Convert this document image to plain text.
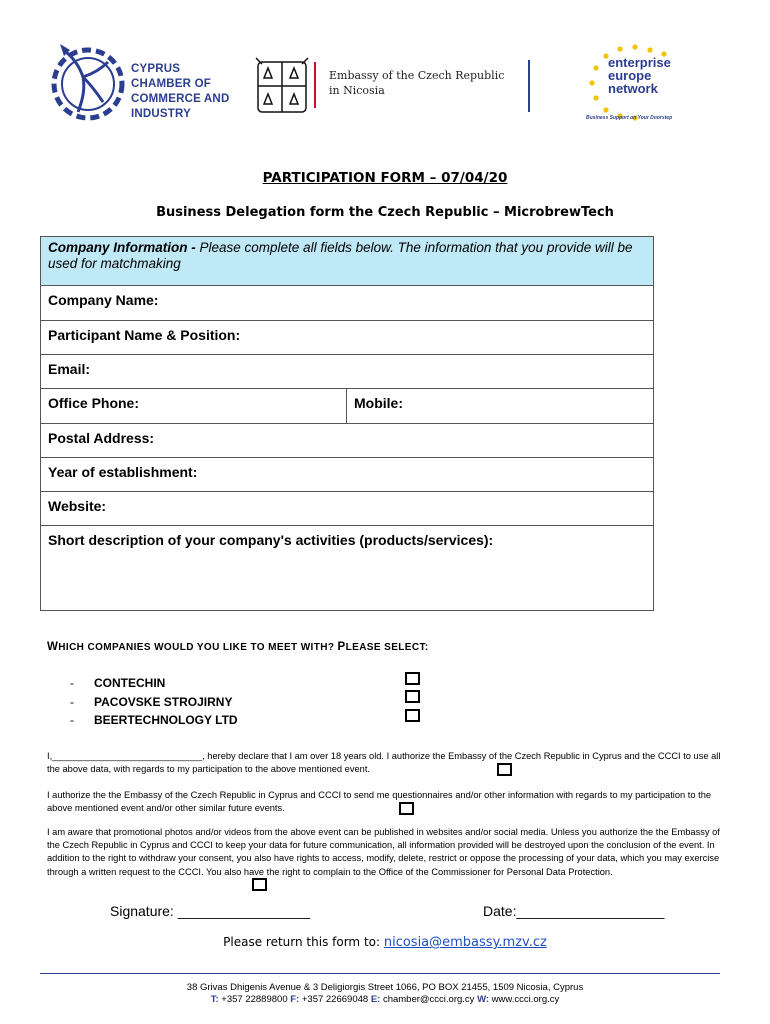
CYPRUS
CHAMBER OF
COMMERCE AND
INDUSTRY
Embassy of the Czech Republic
in Nicosia
enterprise
europe
network
Business Support on Your Doorstep
PARTICIPATION FORM – 07/04/20
Business Delegation form the Czech Republic – MicrobrewTech
Company Information - Please complete all fields below. The information that you provide will be used for matchmaking
Company Name:
Participant Name & Position:
Email:
Office Phone:	Mobile:
Postal Address:
Year of establishment:
Website:
Short description of your company's activities (products/services):
WHICH COMPANIES WOULD YOU LIKE TO MEET WITH? PLEASE SELECT:
- CONTECHIN
- PACOVSKE STROJIRNY
- BEERTECHNOLOGY LTD
I,_____________________________, hereby declare that I am over 18 years old. I authorize the Embassy of the Czech Republic in Cyprus and the CCCI to use all the above data, with regards to my participation to the above mentioned event.
I authorize the the Embassy of the Czech Republic in Cyprus and CCCI to send me questionnaires and/or other information with regards to my participation to the above mentioned event and/or other similar future events.
I am aware that promotional photos and/or videos from the above event can be published in websites and/or social media. Unless you authorize the the Embassy of the Czech Republic in Cyprus and CCCI to keep your data for future communication, all information provided will be destroyed upon the conclusion of the event. In addition to the right to withdraw your consent, you also have rights to access, modify, delete, restrict or oppose the processing of your data, which you may exercise through a written request to the CCCI. You also have the right to complain to the Office of the Commissioner for Personal Data Protection.
Signature: _________________	Date:___________________
Please return this form to: nicosia@embassy.mzv.cz
38 Grivas Dhigenis Avenue & 3 Deligiorgis Street 1066, PO BOX 21455, 1509 Nicosia, Cyprus
T: +357 22889800 F: +357 22669048 E: chamber@ccci.org.cy W: www.ccci.org.cy
